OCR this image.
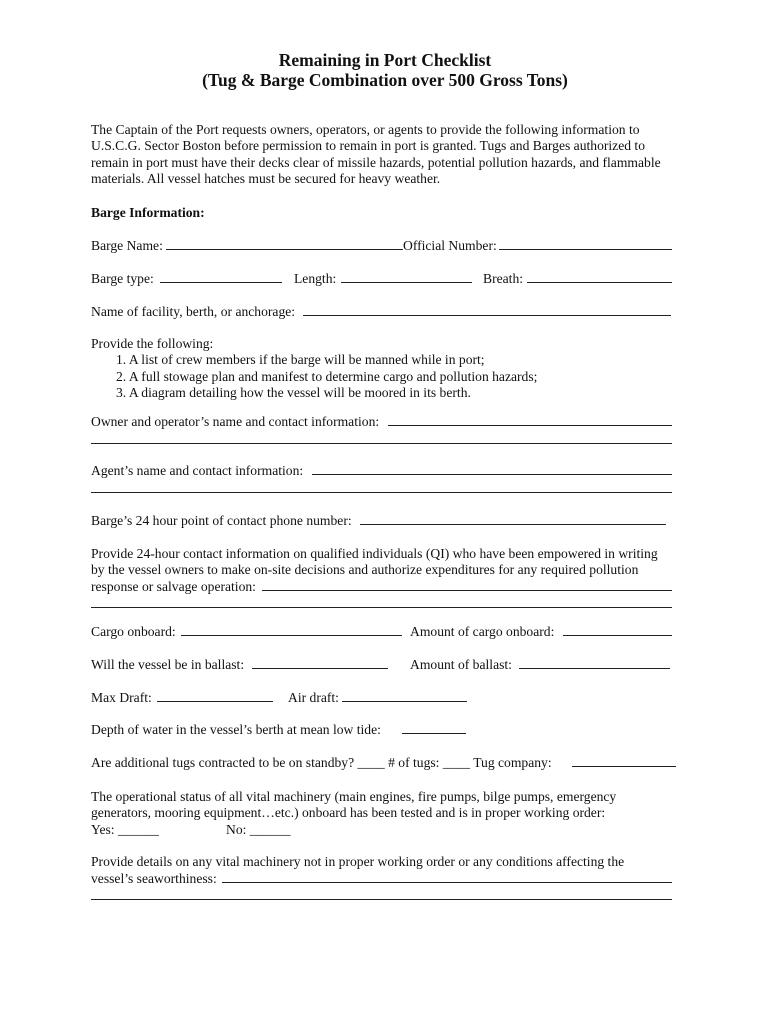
Remaining in Port Checklist
(Tug & Barge Combination over 500 Gross Tons)
The Captain of the Port requests owners, operators, or agents to provide the following information to
U.S.C.G. Sector Boston before permission to remain in port is granted. Tugs and Barges authorized to
remain in port must have their decks clear of missile hazards, potential pollution hazards, and flammable
materials. All vessel hatches must be secured for heavy weather.
Barge Information:
Barge Name:	Official Number:
Barge type:	Length:	Breath:
Name of facility, berth, or anchorage:
Provide the following:
1. A list of crew members if the barge will be manned while in port;
2. A full stowage plan and manifest to determine cargo and pollution hazards;
3. A diagram detailing how the vessel will be moored in its berth.
Owner and operator’s name and contact information:
Agent’s name and contact information:
Barge’s 24 hour point of contact phone number:
Provide 24-hour contact information on qualified individuals (QI) who have been empowered in writing
by the vessel owners to make on-site decisions and authorize expenditures for any required pollution
response or salvage operation:
Cargo onboard:	Amount of cargo onboard:
Will the vessel be in ballast:	Amount of ballast:
Max Draft:	Air draft:
Depth of water in the vessel’s berth at mean low tide:
Are additional tugs contracted to be on standby? ____ # of tugs: ____ Tug company:
The operational status of all vital machinery (main engines, fire pumps, bilge pumps, emergency
generators, mooring equipment…etc.) onboard has been tested and is in proper working order:
Yes: ______	No: ______
Provide details on any vital machinery not in proper working order or any conditions affecting the
vessel’s seaworthiness:
